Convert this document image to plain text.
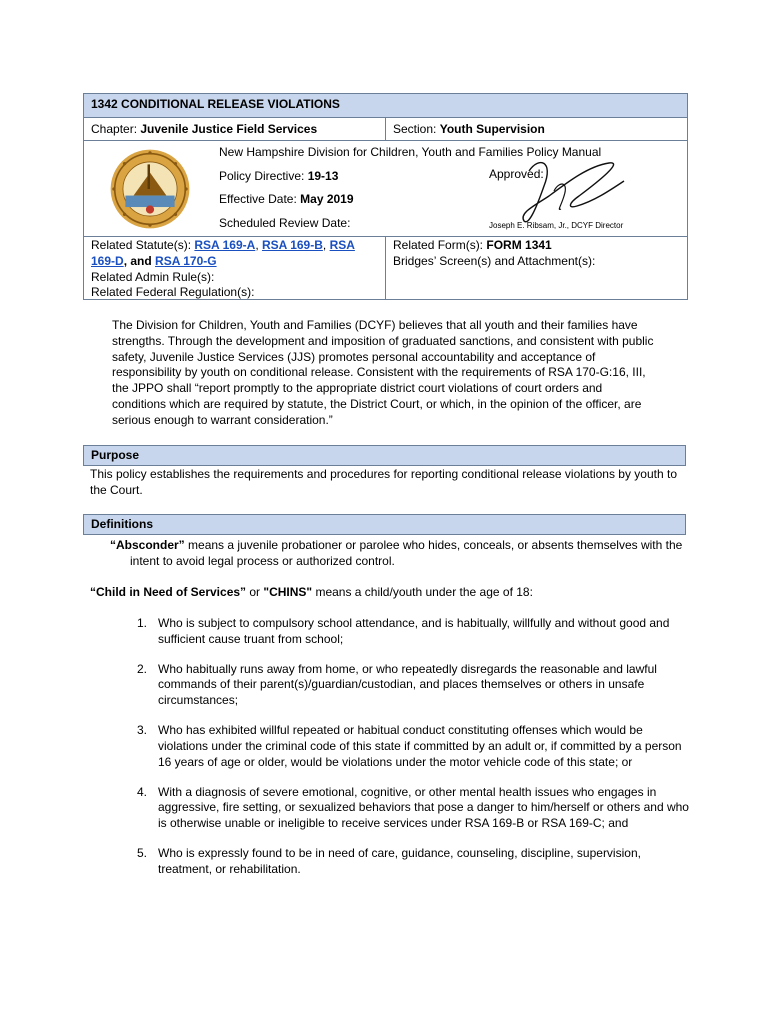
1342 CONDITIONAL RELEASE VIOLATIONS
Chapter: Juvenile Justice Field Services	Section: Youth Supervision
New Hampshire Division for Children, Youth and Families Policy Manual
Policy Directive: 19-13
Effective Date: May 2019
Scheduled Review Date:
Approved:
Joseph E. Ribsam, Jr., DCYF Director
Related Statute(s): RSA 169-A, RSA 169-B, RSA 169-D, and RSA 170-G
Related Admin Rule(s):
Related Federal Regulation(s):
Related Form(s): FORM 1341
Bridges’ Screen(s) and Attachment(s):
The Division for Children, Youth and Families (DCYF) believes that all youth and their families have strengths. Through the development and imposition of graduated sanctions, and consistent with public safety, Juvenile Justice Services (JJS) promotes personal accountability and acceptance of responsibility by youth on conditional release. Consistent with the requirements of RSA 170-G:16, III, the JPPO shall “report promptly to the appropriate district court violations of court orders and conditions which are required by statute, the District Court, or which, in the opinion of the officer, are serious enough to warrant consideration.”
Purpose
This policy establishes the requirements and procedures for reporting conditional release violations by youth to the Court.
Definitions
“Absconder” means a juvenile probationer or parolee who hides, conceals, or absents themselves with the intent to avoid legal process or authorized control.
“Child in Need of Services” or "CHINS" means a child/youth under the age of 18:
1. Who is subject to compulsory school attendance, and is habitually, willfully and without good and sufficient cause truant from school;
2. Who habitually runs away from home, or who repeatedly disregards the reasonable and lawful commands of their parent(s)/guardian/custodian, and places themselves or others in unsafe circumstances;
3. Who has exhibited willful repeated or habitual conduct constituting offenses which would be violations under the criminal code of this state if committed by an adult or, if committed by a person 16 years of age or older, would be violations under the motor vehicle code of this state; or
4. With a diagnosis of severe emotional, cognitive, or other mental health issues who engages in aggressive, fire setting, or sexualized behaviors that pose a danger to him/herself or others and who is otherwise unable or ineligible to receive services under RSA 169-B or RSA 169-C; and
5. Who is expressly found to be in need of care, guidance, counseling, discipline, supervision, treatment, or rehabilitation.
